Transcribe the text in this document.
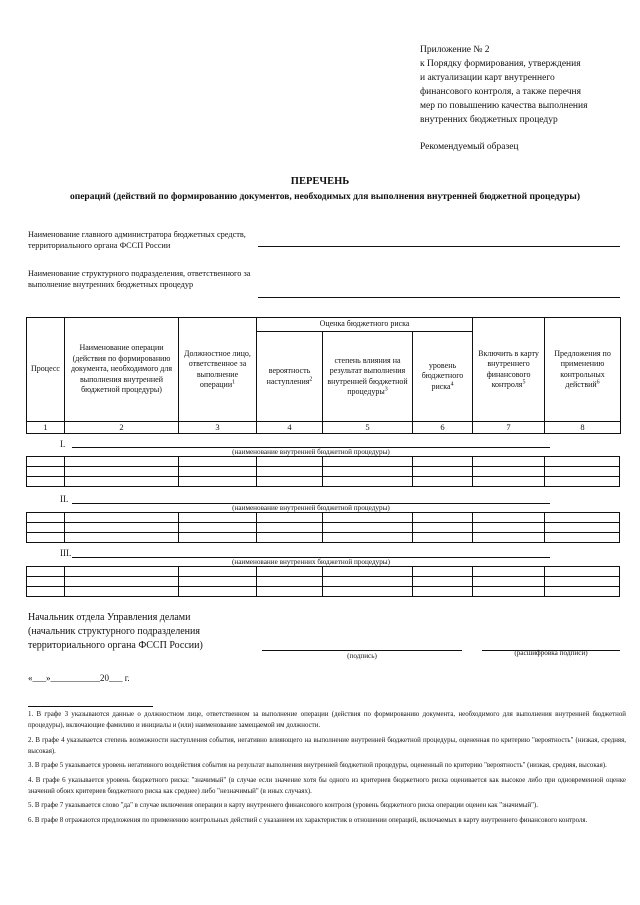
Приложение № 2
к Порядку формирования, утверждения
и актуализации карт внутреннего
финансового контроля, а также перечня
мер по повышению качества выполнения
внутренних бюджетных процедур
Рекомендуемый образец
ПЕРЕЧЕНЬ
операций (действий по формированию документов, необходимых для выполнения внутренней бюджетной процедуры)
Наименование главного администратора бюджетных средств, территориального органа ФССП России
Наименование структурного подразделения, ответственного за выполнение внутренних бюджетных процедур
Процесс	Наименование операции (действия по формированию документа, необходимого для выполнения внутренней бюджетной процедуры)	Должностное лицо, ответственное за выполнение операции$^1$	Оценка бюджетного риска			Включить в карту внутреннего финансового контроля$^5$	Предложения по применению контрольных действий$^6$
			вероятность наступления$^2$	степень влияния на результат выполнения внутренней бюджетной процедуры$^3$	уровень бюджетного риска$^4$
1	2	3	4	5	6	7	8
I.
(наименование внутренней бюджетной процедуры)
II.
(наименование внутренней бюджетной процедуры)
III.
(наименование внутренних бюджетной процедуры)
Начальник отдела Управления делами
(начальник структурного подразделения
территориального органа ФССП России)
(подпись)	(расшифровка подписи)
«___»___________20___ г.

1. В графе 3 указываются данные о должностном лице, ответственном за выполнение операции (действия по формированию документа, необходимого для выполнения внутренней бюджетной процедуры), включающие фамилию и инициалы и (или) наименование замещаемой им должности.

2. В графе 4 указывается степень возможности наступления события, негативно влияющего на выполнение внутренней бюджетной процедуры, оцененная по критерию "вероятность" (низкая, средняя, высокая).

3. В графе 5 указывается уровень негативного воздействия события на результат выполнения внутренней бюджетной процедуры, оцененный по критерию "вероятность" (низкая, средняя, высокая).

4. В графе 6 указывается уровень бюджетного риска: "значимый" (в случае если значение хотя бы одного из критериев бюджетного риска оценивается как высокое либо при одновременной оценке значений обоих критериев бюджетного риска как среднее) либо "незначимый" (в иных случаях).

5. В графе 7 указывается слово "да" в случае включения операции в карту внутреннего финансового контроля (уровень бюджетного риска операции оценен как "значимый").

6. В графе 8 отражаются предложения по применению контрольных действий с указанием их характеристик в отношении операций, включаемых в карту внутреннего финансового контроля.
